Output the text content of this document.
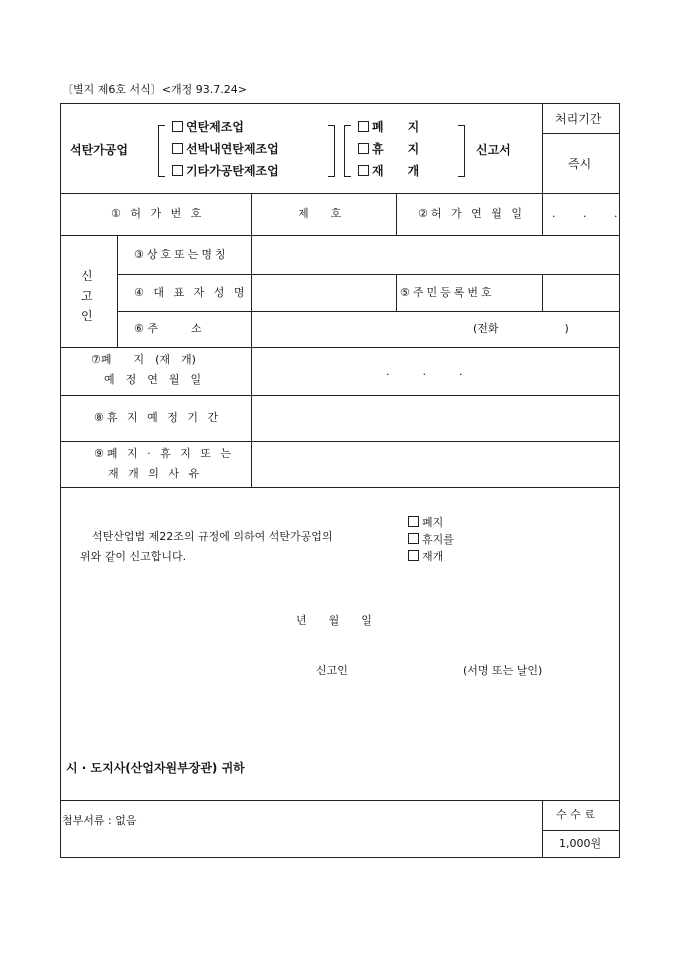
〔별지 제6호 서식〕<개정 93.7.24>
석탄가공업
연탄제조업
선박내연탄제조업
기타가공탄제조업
폐　　지
휴　　지
재　　개
신고서
처리기간
즉시
① 허 가 번 호	제　　호	②허 가 연 월 일 . . .
신
고
인
③상호또는명칭
④ 대 표 자 성 명	⑤주민등록번호
⑥ 주　　　소	(전화　　　　　　)
⑦폐　　지　(재　개)
예　정　연　월　일
.　　　.　　　.
⑧휴 지 예 정 기 간
⑨폐 지 · 휴 지 또 는
재 개 의 사 유
석탄산업법 제22조의 규정에 의하여 석탄가공업의
위와 같이 신고합니다.
폐지
휴지를
재개
년　　월　　일
신고인	(서명 또는 날인)
시 · 도지사(산업자원부장관) 귀하
첨부서류 : 없음	수 수 료
1,000원
